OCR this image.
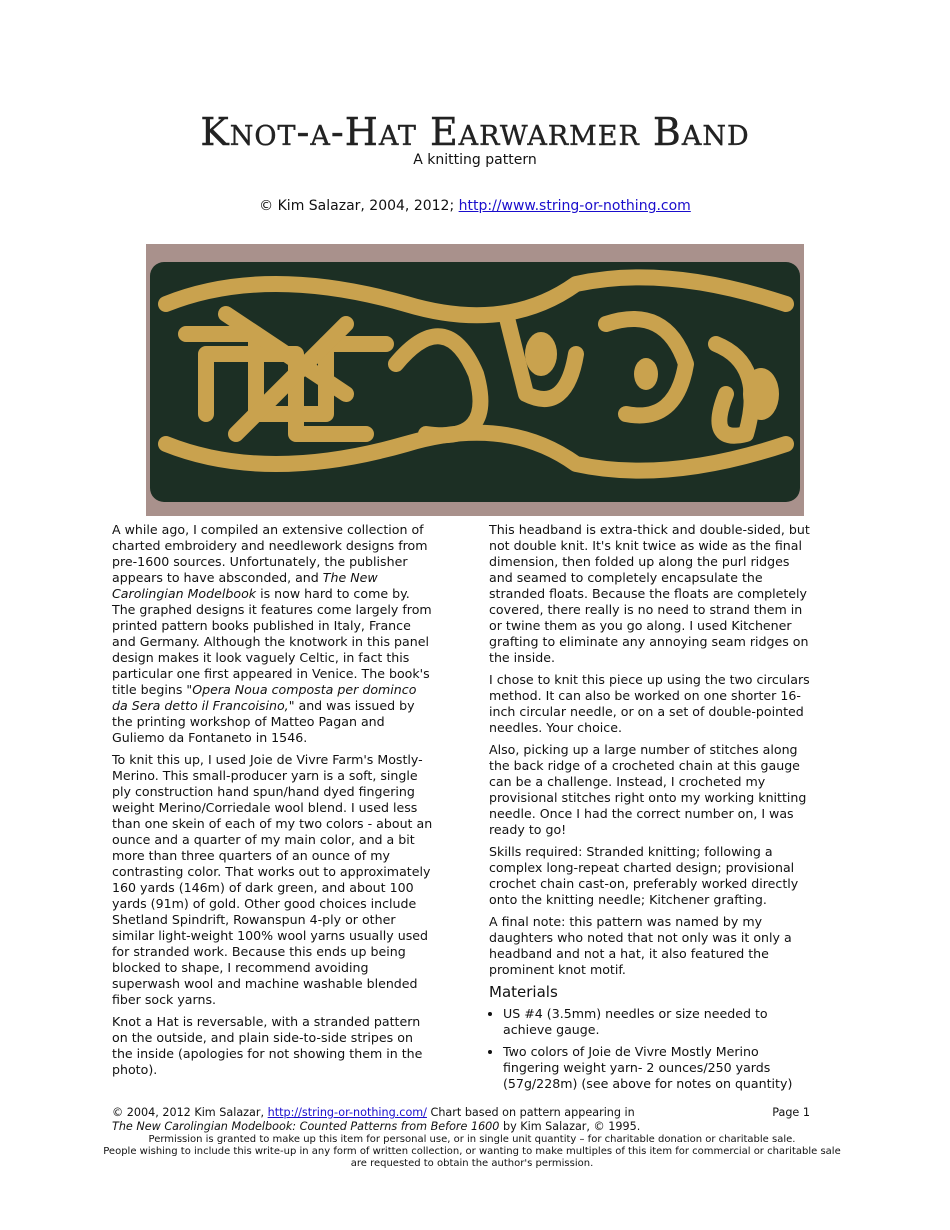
Knot-a-Hat Earwarmer Band
A knitting pattern
© Kim Salazar, 2004, 2012; http://www.string-or-nothing.com

A while ago, I compiled an extensive collection of charted embroidery and needlework designs from pre-1600 sources. Unfortunately, the publisher appears to have absconded, and The New Carolingian Modelbook is now hard to come by. The graphed designs it features come largely from printed pattern books published in Italy, France and Germany. Although the knotwork in this panel design makes it look vaguely Celtic, in fact this particular one first appeared in Venice. The book's title begins "Opera Noua composta per dominco da Sera detto il Francoisino," and was issued by the printing workshop of Matteo Pagan and Guliemo da Fontaneto in 1546.

To knit this up, I used Joie de Vivre Farm's Mostly-Merino. This small-producer yarn is a soft, single ply construction hand spun/hand dyed fingering weight Merino/Corriedale wool blend. I used less than one skein of each of my two colors - about an ounce and a quarter of my main color, and a bit more than three quarters of an ounce of my contrasting color. That works out to approximately 160 yards (146m) of dark green, and about 100 yards (91m) of gold. Other good choices include Shetland Spindrift, Rowanspun 4-ply or other similar light-weight 100% wool yarns usually used for stranded work. Because this ends up being blocked to shape, I recommend avoiding superwash wool and machine washable blended fiber sock yarns.

Knot a Hat is reversable, with a stranded pattern on the outside, and plain side-to-side stripes on the inside (apologies for not showing them in the photo).

This headband is extra-thick and double-sided, but not double knit. It's knit twice as wide as the final dimension, then folded up along the purl ridges and seamed to completely encapsulate the stranded floats. Because the floats are completely covered, there really is no need to strand them in or twine them as you go along. I used Kitchener grafting to eliminate any annoying seam ridges on the inside.

I chose to knit this piece up using the two circulars method. It can also be worked on one shorter 16-inch circular needle, or on a set of double-pointed needles. Your choice.

Also, picking up a large number of stitches along the back ridge of a crocheted chain at this gauge can be a challenge. Instead, I crocheted my provisional stitches right onto my working knitting needle. Once I had the correct number on, I was ready to go!

Skills required: Stranded knitting; following a complex long-repeat charted design; provisional crochet chain cast-on, preferably worked directly onto the knitting needle; Kitchener grafting.

A final note: this pattern was named by my daughters who noted that not only was it only a headband and not a hat, it also featured the prominent knot motif.

Materials
• US #4 (3.5mm) needles or size needed to achieve gauge.
• Two colors of Joie de Vivre Mostly Merino fingering weight yarn- 2 ounces/250 yards (57g/228m) (see above for notes on quantity)
© 2004, 2012 Kim Salazar, http://string-or-nothing.com/ Chart based on pattern appearing in	Page 1
The New Carolingian Modelbook: Counted Patterns from Before 1600 by Kim Salazar, © 1995.
Permission is granted to make up this item for personal use, or in single unit quantity – for charitable donation or charitable sale.
People wishing to include this write-up in any form of written collection, or wanting to make multiples of this item for commercial or charitable sale are requested to obtain the author's permission.
